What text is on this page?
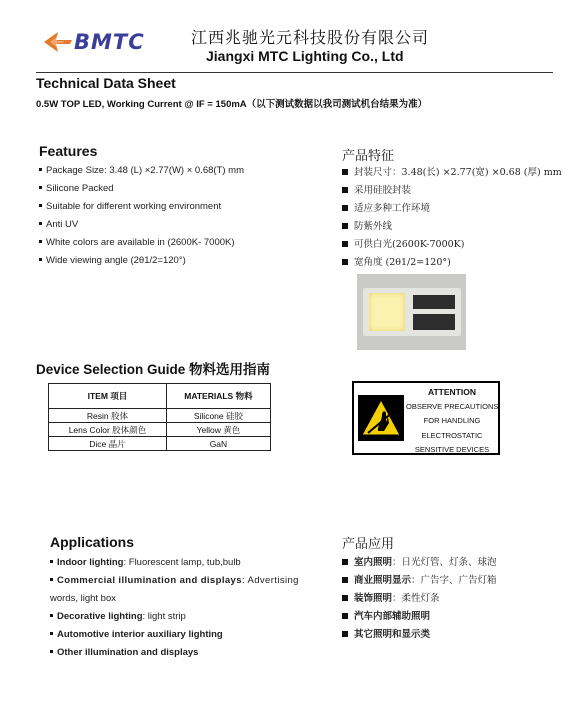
BMTC	江西兆驰光元科技股份有限公司
Jiangxi MTC Lighting Co., Ltd
Technical Data Sheet
0.5W TOP LED, Working Current @ IF = 150mA（以下测试数据以我司测试机台结果为准）
Features
Package Size: 3.48 (L) ×2.77(W) × 0.68(T) mm
Silicone Packed
Suitable for different working environment
Anti UV
White colors are available in (2600K- 7000K)
Wide viewing angle (2θ1/2=120°)
产品特征
封装尺寸：3.48(长) ×2.77(宽) ×0.68 (厚) mm
采用硅胶封装
适应多种工作环境
防紫外线
可供白光(2600K-7000K)
宽角度 (2θ1/2=120°)
Device Selection Guide 物料选用指南
ITEM 项目	MATERIALS 物料
Resin 胶体	Silicone 硅胶
Lens Color 胶体颜色	Yellow 黄色
Dice 晶片	GaN
ATTENTION
OBSERVE PRECAUTIONS
FOR HANDLING
ELECTROSTATIC
SENSITIVE DEVICES
Applications
Indoor lighting: Fluorescent lamp, tub,bulb
Commercial illumination and displays: Advertising
words, light box
Decorative lighting: light strip
Automotive interior auxiliary lighting
Other illumination and displays
产品应用
室内照明：日光灯管、灯条、球泡
商业照明显示：广告字、广告灯箱
装饰照明：柔性灯条
汽车内部辅助照明
其它照明和显示类
